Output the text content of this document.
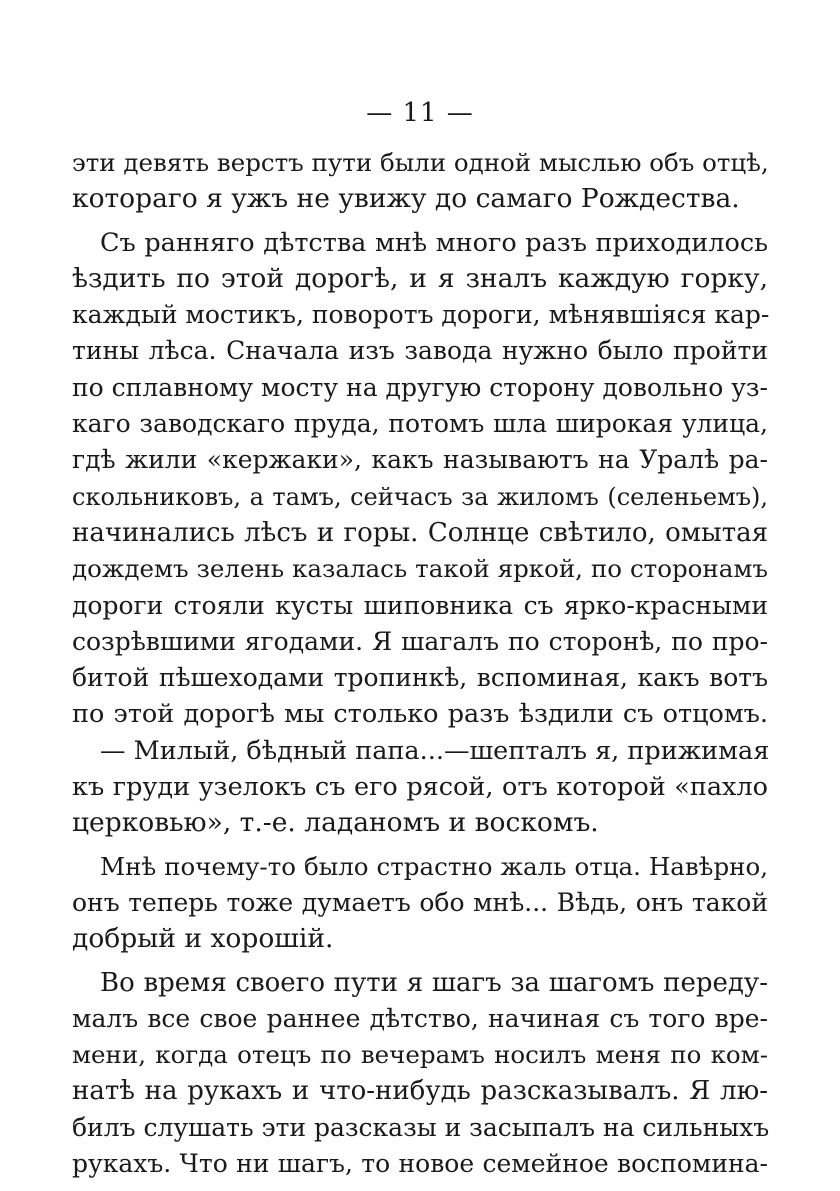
— 11 —
эти девять верстъ пути были одной мыслью объ отцѣ,
котораго я ужъ не увижу до самаго Рождества.
Съ ранняго дѣтства мнѣ много разъ приходилось
ѣздить по этой дорогѣ, и я зналъ каждую горку,
каждый мостикъ, поворотъ дороги, мѣнявшіяся кар-
тины лѣса. Сначала изъ завода нужно было пройти
по сплавному мосту на другую сторону довольно уз-
каго заводскаго пруда, потомъ шла широкая улица,
гдѣ жили «кержаки», какъ называютъ на Уралѣ ра-
скольниковъ, а тамъ, сейчасъ за жиломъ (селеньемъ),
начинались лѣсъ и горы. Солнце свѣтило, омытая
дождемъ зелень казалась такой яркой, по сторонамъ
дороги стояли кусты шиповника съ ярко-красными
созрѣвшими ягодами. Я шагалъ по сторонѣ, по про-
битой пѣшеходами тропинкѣ, вспоминая, какъ вотъ
по этой дорогѣ мы столько разъ ѣздили съ отцомъ.
— Милый, бѣдный папа...—шепталъ я, прижимая
къ груди узелокъ съ его рясой, отъ которой «пахло
церковью», т.-е. ладаномъ и воскомъ.
Мнѣ почему-то было страстно жаль отца. Навѣрно,
онъ теперь тоже думаетъ обо мнѣ... Вѣдь, онъ такой
добрый и хорошій.
Во время своего пути я шагъ за шагомъ переду-
малъ все свое раннее дѣтство, начиная съ того вре-
мени, когда отецъ по вечерамъ носилъ меня по ком-
натѣ на рукахъ и что-нибудь разсказывалъ. Я лю-
билъ слушать эти разсказы и засыпалъ на сильныхъ
рукахъ. Что ни шагъ, то новое семейное воспомина-
